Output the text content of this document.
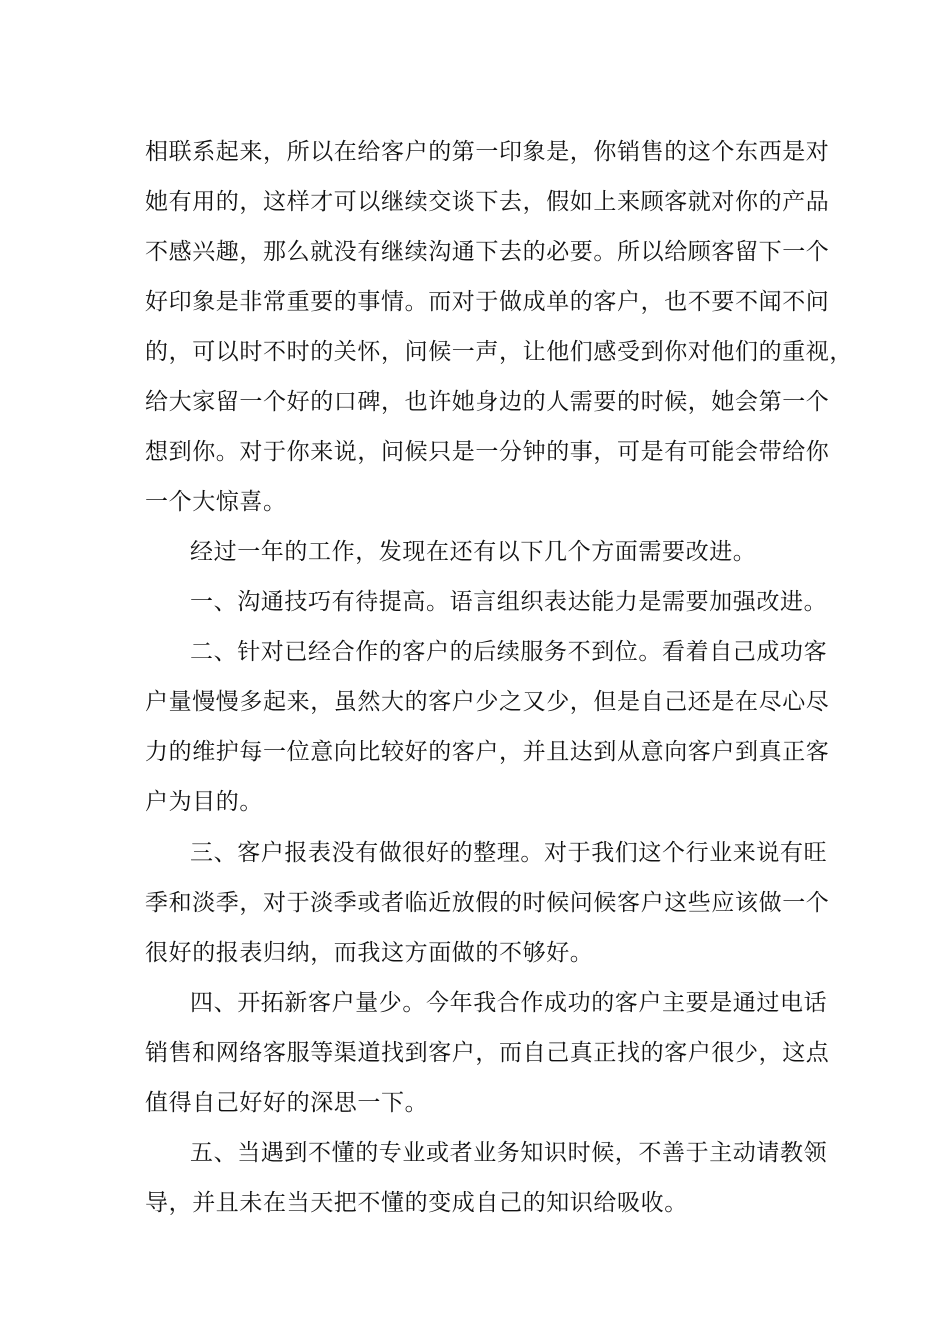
相联系起来，所以在给客户的第一印象是，你销售的这个东西是对
她有用的，这样才可以继续交谈下去，假如上来顾客就对你的产品
不感兴趣，那么就没有继续沟通下去的必要。所以给顾客留下一个
好印象是非常重要的事情。而对于做成单的客户，也不要不闻不问
的，可以时不时的关怀，问候一声，让他们感受到你对他们的重视，
给大家留一个好的口碑，也许她身边的人需要的时候，她会第一个
想到你。对于你来说，问候只是一分钟的事，可是有可能会带给你
一个大惊喜。
经过一年的工作，发现在还有以下几个方面需要改进。
一、沟通技巧有待提高。语言组织表达能力是需要加强改进。
二、针对已经合作的客户的后续服务不到位。看着自己成功客
户量慢慢多起来，虽然大的客户少之又少，但是自己还是在尽心尽
力的维护每一位意向比较好的客户，并且达到从意向客户到真正客
户为目的。
三、客户报表没有做很好的整理。对于我们这个行业来说有旺
季和淡季，对于淡季或者临近放假的时候问候客户这些应该做一个
很好的报表归纳，而我这方面做的不够好。
四、开拓新客户量少。今年我合作成功的客户主要是通过电话
销售和网络客服等渠道找到客户，而自己真正找的客户很少，这点
值得自己好好的深思一下。
五、当遇到不懂的专业或者业务知识时候，不善于主动请教领
导，并且未在当天把不懂的变成自己的知识给吸收。
